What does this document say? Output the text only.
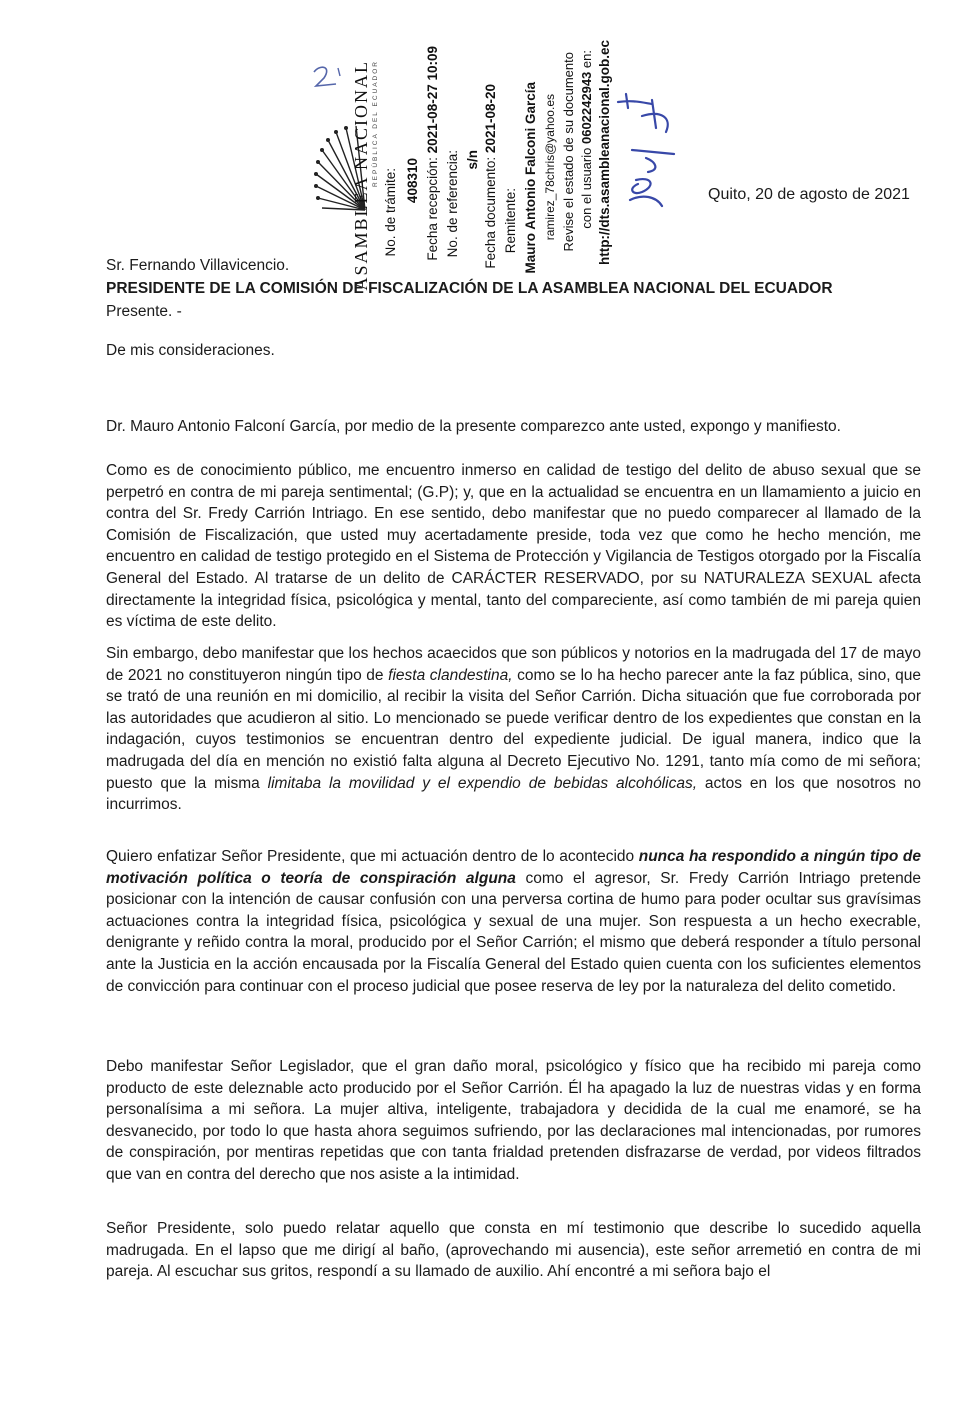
ASAMBLEA NACIONAL REPÚBLICA DEL ECUADOR
No. de trámite: 408310 Fecha recepción: 2021-08-27 10:09
No. de referencia: s/n Fecha documento: 2021-08-20
Remitente: Mauro Antonio Falconi García ramirez_78chris@yahoo.es Revise el estado de su documento con el usuario 0602242943 en: http://dts.asambleanacional.gob.ec	Quito, 20 de agosto de 2021
Sr. Fernando Villavicencio.
PRESIDENTE DE LA COMISIÓN DE FISCALIZACIÓN DE LA ASAMBLEA NACIONAL DEL ECUADOR
Presente. -
De mis consideraciones.

Dr. Mauro Antonio Falconí García, por medio de la presente comparezco ante usted, expongo y manifiesto.

Como es de conocimiento público, me encuentro inmerso en calidad de testigo del delito de abuso sexual que se perpetró en contra de mi pareja sentimental; (G.P); y, que en la actualidad se encuentra en un llamamiento a juicio en contra del Sr. Fredy Carrión Intriago. En ese sentido, debo manifestar que no puedo comparecer al llamado de la Comisión de Fiscalización, que usted muy acertadamente preside, toda vez que como he hecho mención, me encuentro en calidad de testigo protegido en el Sistema de Protección y Vigilancia de Testigos otorgado por la Fiscalía General del Estado. Al tratarse de un delito de CARÁCTER RESERVADO, por su NATURALEZA SEXUAL afecta directamente la integridad física, psicológica y mental, tanto del compareciente, así como también de mi pareja quien es víctima de este delito.

Sin embargo, debo manifestar que los hechos acaecidos que son públicos y notorios en la madrugada del 17 de mayo de 2021 no constituyeron ningún tipo de fiesta clandestina, como se lo ha hecho parecer ante la faz pública, sino, que se trató de una reunión en mi domicilio, al recibir la visita del Señor Carrión. Dicha situación que fue corroborada por las autoridades que acudieron al sitio. Lo mencionado se puede verificar dentro de los expedientes que constan en la indagación, cuyos testimonios se encuentran dentro del expediente judicial. De igual manera, indico que la madrugada del día en mención no existió falta alguna al Decreto Ejecutivo No. 1291, tanto mía como de mi señora; puesto que la misma limitaba la movilidad y el expendio de bebidas alcohólicas, actos en los que nosotros no incurrimos.

Quiero enfatizar Señor Presidente, que mi actuación dentro de lo acontecido nunca ha respondido a ningún tipo de motivación política o teoría de conspiración alguna como el agresor, Sr. Fredy Carrión Intriago pretende posicionar con la intención de causar confusión con una perversa cortina de humo para poder ocultar sus gravísimas actuaciones contra la integridad física, psicológica y sexual de una mujer. Son respuesta a un hecho execrable, denigrante y reñido contra la moral, producido por el Señor Carrión; el mismo que deberá responder a título personal ante la Justicia en la acción encausada por la Fiscalía General del Estado quien cuenta con los suficientes elementos de convicción para continuar con el proceso judicial que posee reserva de ley por la naturaleza del delito cometido.

Debo manifestar Señor Legislador, que el gran daño moral, psicológico y físico que ha recibido mi pareja como producto de este deleznable acto producido por el Señor Carrión. Él ha apagado la luz de nuestras vidas y en forma personalísima a mi señora. La mujer altiva, inteligente, trabajadora y decidida de la cual me enamoré, se ha desvanecido, por todo lo que hasta ahora seguimos sufriendo, por las declaraciones mal intencionadas, por rumores de conspiración, por mentiras repetidas que con tanta frialdad pretenden disfrazarse de verdad, por videos filtrados que van en contra del derecho que nos asiste a la intimidad.

Señor Presidente, solo puedo relatar aquello que consta en mí testimonio que describe lo sucedido aquella madrugada. En el lapso que me dirigí al baño, (aprovechando mi ausencia), este señor arremetió en contra de mi pareja. Al escuchar sus gritos, respondí a su llamado de auxilio. Ahí encontré a mi señora bajo el
